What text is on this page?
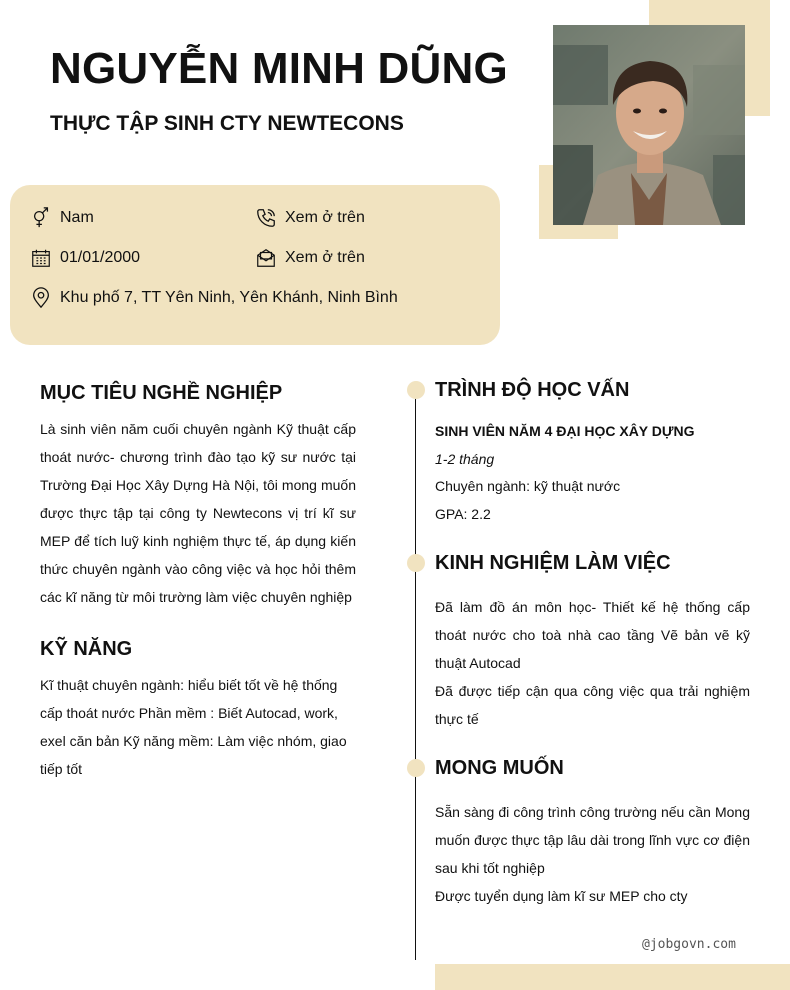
NGUYỄN MINH DŨNG
THỰC TẬP SINH CTY NEWTECONS
Nam
01/01/2000
Khu phố 7, TT Yên Ninh, Yên Khánh, Ninh Bình
Xem ở trên
Xem ở trên
MỤC TIÊU NGHỀ NGHIỆP
Là sinh viên năm cuối chuyên ngành Kỹ thuật cấp thoát nước- chương trình đào tạo kỹ sư nước tại Trường Đại Học Xây Dựng Hà Nội, tôi mong muốn được thực tập tại công ty Newtecons vị trí kĩ sư MEP để tích luỹ kinh nghiệm thực tế, áp dụng kiến thức chuyên ngành vào công việc và học hỏi thêm các kĩ năng từ môi trường làm việc chuyên nghiệp
KỸ NĂNG
Kĩ thuật chuyên ngành: hiểu biết tốt về hệ thống cấp thoát nước Phần mềm : Biết Autocad, work, exel căn bản Kỹ năng mềm: Làm việc nhóm, giao tiếp tốt
TRÌNH ĐỘ HỌC VẤN
SINH VIÊN NĂM 4 ĐẠI HỌC XÂY DỰNG
1-2 tháng
Chuyên ngành: kỹ thuật nước
GPA: 2.2
KINH NGHIỆM LÀM VIỆC
Đã làm đồ án môn học- Thiết kế hệ thống cấp thoát nước cho toà nhà cao tầng Vẽ bản vẽ kỹ thuật Autocad
Đã được tiếp cận qua công việc qua trải nghiệm thực tế
MONG MUỐN
Sẵn sàng đi công trình công trường nếu cần Mong muốn được thực tập lâu dài trong lĩnh vực cơ điện sau khi tốt nghiệp
Được tuyển dụng làm kĩ sư MEP cho cty
@jobgovn.com
